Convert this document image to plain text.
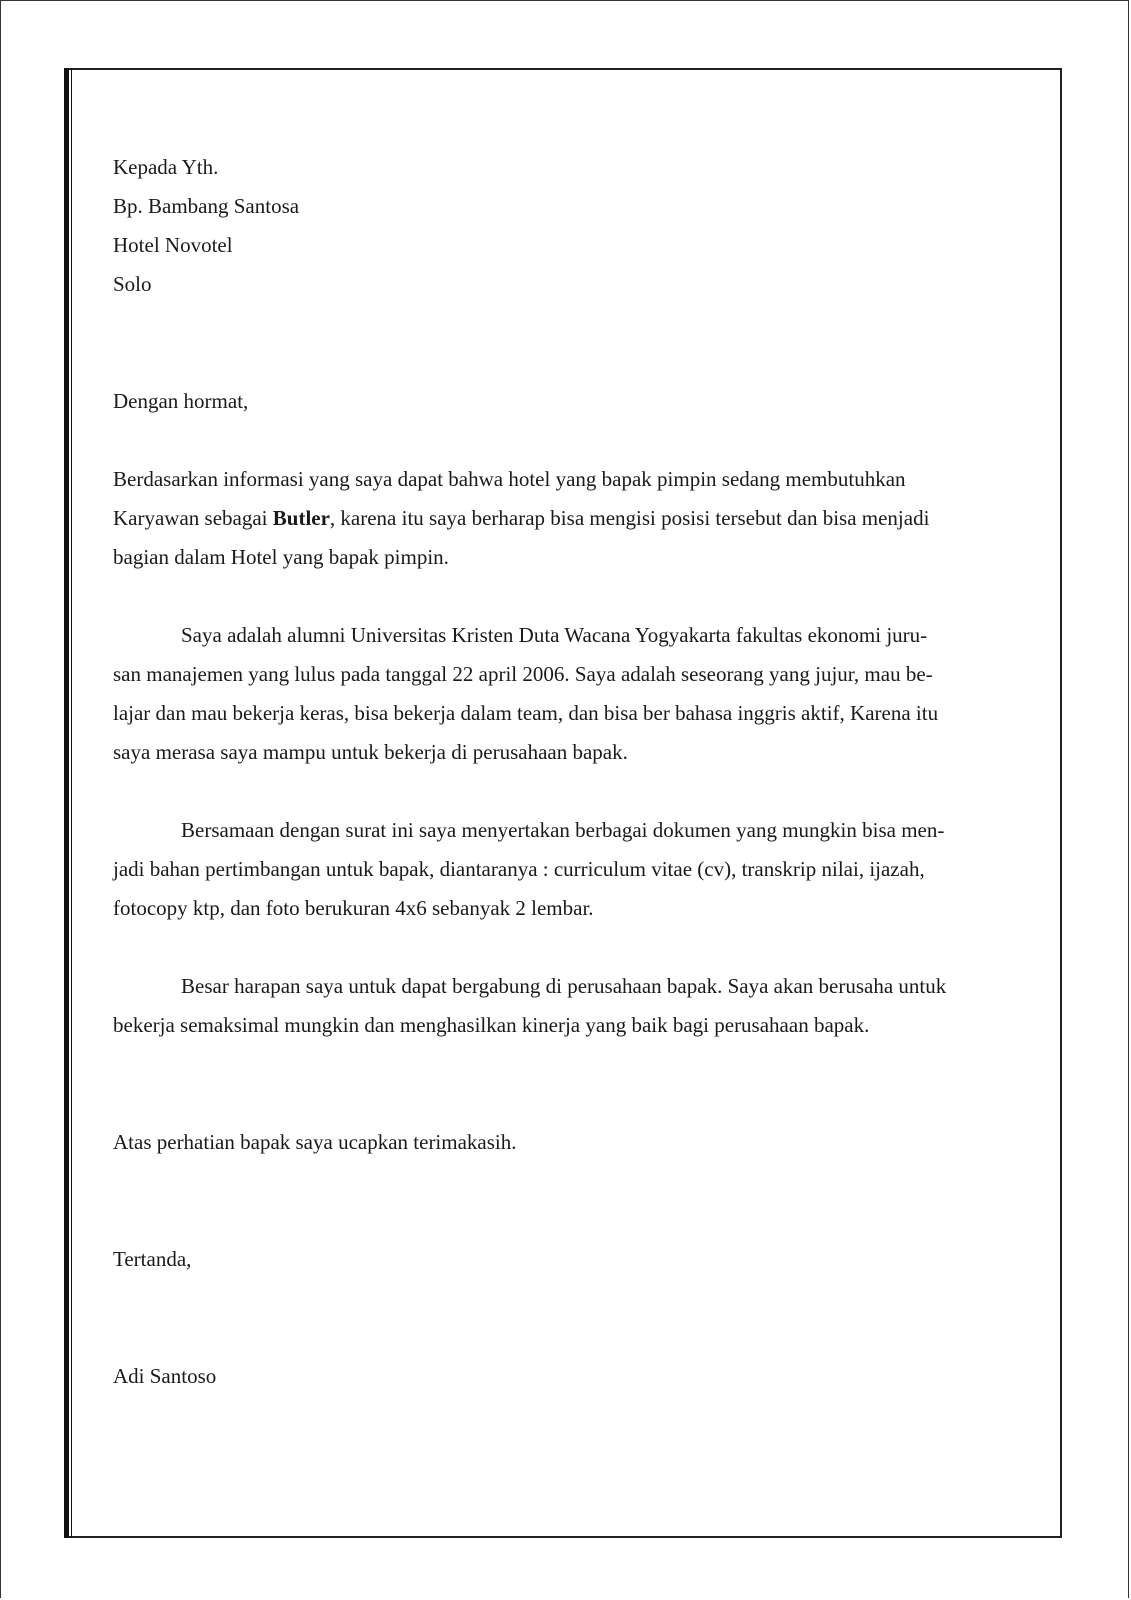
Kepada Yth.
Bp. Bambang Santosa
Hotel Novotel
Solo
Dengan hormat,
Berdasarkan informasi yang saya dapat bahwa hotel yang bapak pimpin sedang membutuhkan
Karyawan sebagai Butler, karena itu saya berharap bisa mengisi posisi tersebut dan bisa menjadi
bagian dalam Hotel yang bapak pimpin.
Saya adalah alumni Universitas Kristen Duta Wacana Yogyakarta fakultas ekonomi juru-
san manajemen yang lulus pada tanggal 22 april 2006. Saya adalah seseorang yang jujur, mau be-
lajar dan mau bekerja keras, bisa bekerja dalam team, dan bisa ber bahasa inggris aktif, Karena itu
saya merasa saya mampu untuk bekerja di perusahaan bapak.
Bersamaan dengan surat ini saya menyertakan berbagai dokumen yang mungkin bisa men-
jadi bahan pertimbangan untuk bapak, diantaranya : curriculum vitae (cv), transkrip nilai, ijazah,
fotocopy ktp, dan foto berukuran 4x6 sebanyak 2 lembar.
Besar harapan saya untuk dapat bergabung di perusahaan bapak. Saya akan berusaha untuk
bekerja semaksimal mungkin dan menghasilkan kinerja yang baik bagi perusahaan bapak.
Atas perhatian bapak saya ucapkan terimakasih.
Tertanda,
Adi Santoso
